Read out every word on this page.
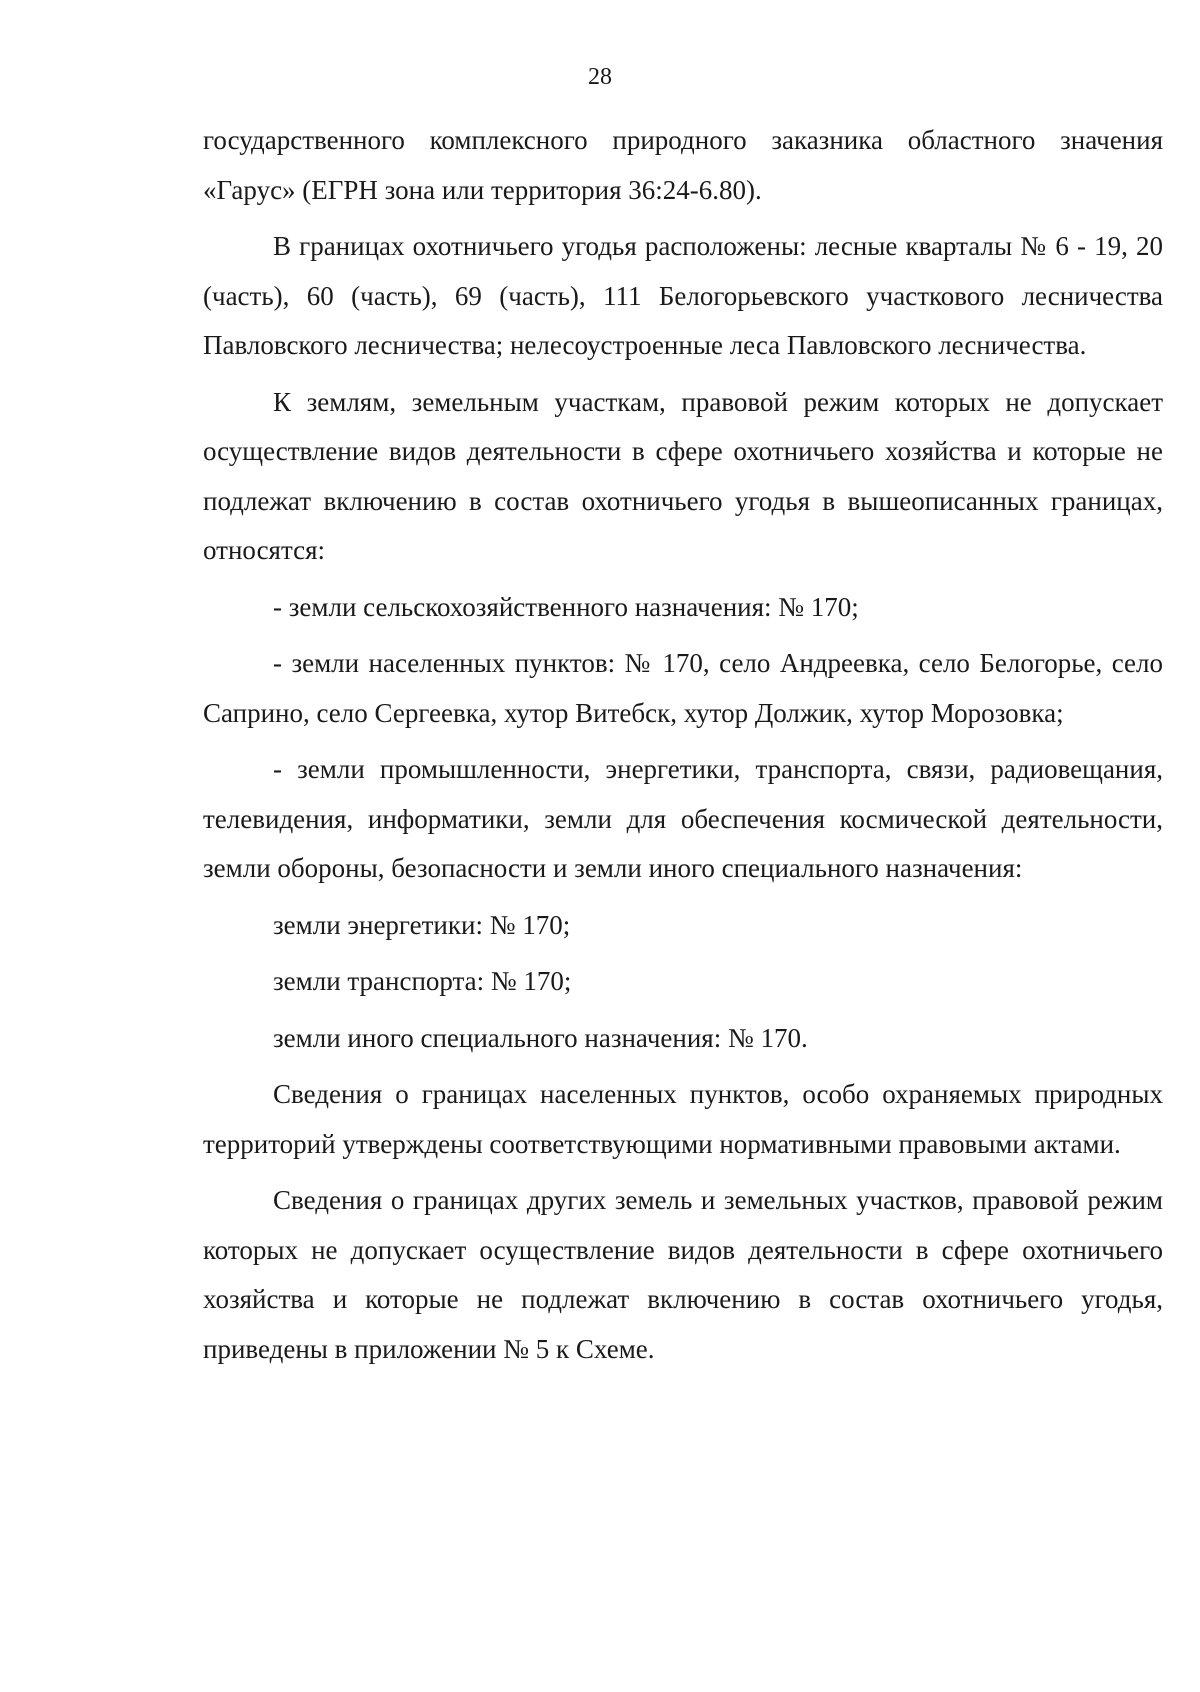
28

государственного комплексного природного заказника областного значения «Гарус» (ЕГРН зона или территория 36:24-6.80).

В границах охотничьего угодья расположены: лесные кварталы № 6 - 19, 20 (часть), 60 (часть), 69 (часть), 111 Белогорьевского участкового лесничества Павловского лесничества; нелесоустроенные леса Павловского лесничества.

К землям, земельным участкам, правовой режим которых не допускает осуществление видов деятельности в сфере охотничьего хозяйства и которые не подлежат включению в состав охотничьего угодья в вышеописанных границах, относятся:

- земли сельскохозяйственного назначения: № 170;

- земли населенных пунктов: № 170, село Андреевка, село Белогорье, село Саприно, село Сергеевка, хутор Витебск, хутор Должик, хутор Морозовка;

- земли промышленности, энергетики, транспорта, связи, радиовещания, телевидения, информатики, земли для обеспечения космической деятельности, земли обороны, безопасности и земли иного специального назначения:

земли энергетики: № 170;

земли транспорта: № 170;

земли иного специального назначения: № 170.

Сведения о границах населенных пунктов, особо охраняемых природных территорий утверждены соответствующими нормативными правовыми актами.

Сведения о границах других земель и земельных участков, правовой режим которых не допускает осуществление видов деятельности в сфере охотничьего хозяйства и которые не подлежат включению в состав охотничьего угодья, приведены в приложении № 5 к Схеме.
